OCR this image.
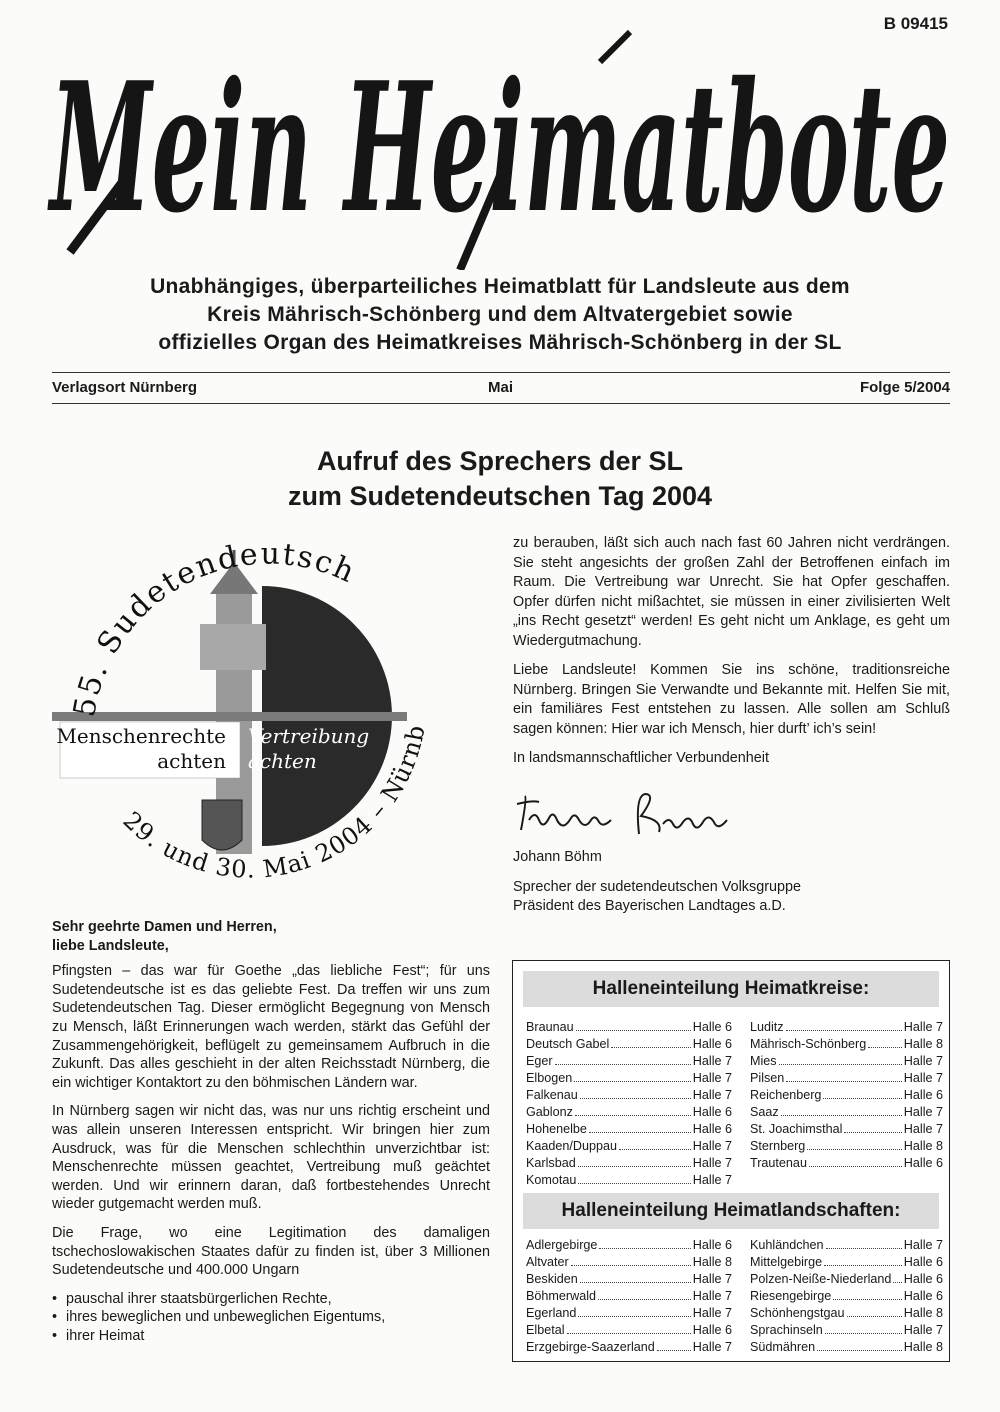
B 09415
Mein Heimatbote
Unabhängiges, überparteiliches Heimatblatt für Landsleute aus dem
Kreis Mährisch-Schönberg und dem Altvatergebiet sowie
offizielles Organ des Heimatkreises Mährisch-Schönberg in der SL
Verlagsort Nürnberg	Mai	Folge 5/2004
Aufruf des Sprechers der SL
zum Sudetendeutschen Tag 2004
55. Sudetendeutsch
29. und 30. Mai 2004 – Nürnb
Menschenrechte
achten
Vertreibung
ächten

zu berauben, läßt sich auch nach fast 60 Jahren nicht verdrängen. Sie steht angesichts der großen Zahl der Betroffenen einfach im Raum. Die Vertreibung war Unrecht. Sie hat Opfer geschaffen. Opfer dürfen nicht mißachtet, sie müssen in einer zivilisierten Welt „ins Recht gesetzt“ werden! Es geht nicht um Anklage, es geht um Wiedergutmachung.

Liebe Landsleute! Kommen Sie ins schöne, traditionsreiche Nürnberg. Bringen Sie Verwandte und Bekannte mit. Helfen Sie mit, ein familiäres Fest entstehen zu lassen. Alle sollen am Schluß sagen können: Hier war ich Mensch, hier durft’ ich’s sein!

In landsmannschaftlicher Verbundenheit

Johann Böhm
Sprecher der sudetendeutschen Volksgruppe
Präsident des Bayerischen Landtages a.D.
Sehr geehrte Damen und Herren,
liebe Landsleute,

Pfingsten – das war für Goethe „das liebliche Fest“; für uns Sudetendeutsche ist es das geliebte Fest. Da treffen wir uns zum Sudetendeutschen Tag. Dieser ermöglicht Begegnung von Mensch zu Mensch, läßt Erinnerungen wach werden, stärkt das Gefühl der Zusammengehörigkeit, beflügelt zu gemeinsamem Aufbruch in die Zukunft. Das alles geschieht in der alten Reichsstadt Nürnberg, die ein wichtiger Kontaktort zu den böhmischen Ländern war.

In Nürnberg sagen wir nicht das, was nur uns richtig erscheint und was allein unseren Interessen entspricht. Wir bringen hier zum Ausdruck, was für die Menschen schlechthin unverzichtbar ist: Menschenrechte müssen geachtet, Vertreibung muß geächtet werden. Und wir erinnern daran, daß fortbestehendes Unrecht wieder gutgemacht werden muß.

Die Frage, wo eine Legitimation des damaligen tschechoslowakischen Staates dafür zu finden ist, über 3 Millionen Sudetendeutsche und 400.000 Ungarn

• pauschal ihrer staatsbürgerlichen Rechte,
• ihres beweglichen und unbeweglichen Eigentums,
• ihrer Heimat
Halleneinteilung Heimatkreise:
Braunau	Halle 6
Deutsch Gabel	Halle 6
Eger	Halle 7
Elbogen	Halle 7
Falkenau	Halle 7
Gablonz	Halle 6
Hohenelbe	Halle 6
Kaaden/Duppau	Halle 7
Karlsbad	Halle 7
Komotau	Halle 7
Luditz	Halle 7
Mährisch-Schönberg	Halle 8
Mies	Halle 7
Pilsen	Halle 7
Reichenberg	Halle 6
Saaz	Halle 7
St. Joachimsthal	Halle 7
Sternberg	Halle 8
Trautenau	Halle 6
Halleneinteilung Heimatlandschaften:
Adlergebirge	Halle 6
Altvater	Halle 8
Beskiden	Halle 7
Böhmerwald	Halle 7
Egerland	Halle 7
Elbetal	Halle 6
Erzgebirge-Saazerland	Halle 7
Kuhländchen	Halle 7
Mittelgebirge	Halle 6
Polzen-Neiße-Niederland Halle 6
Riesengebirge	Halle 6
Schönhengstgau	Halle 8
Sprachinseln	Halle 7
Südmähren	Halle 8
